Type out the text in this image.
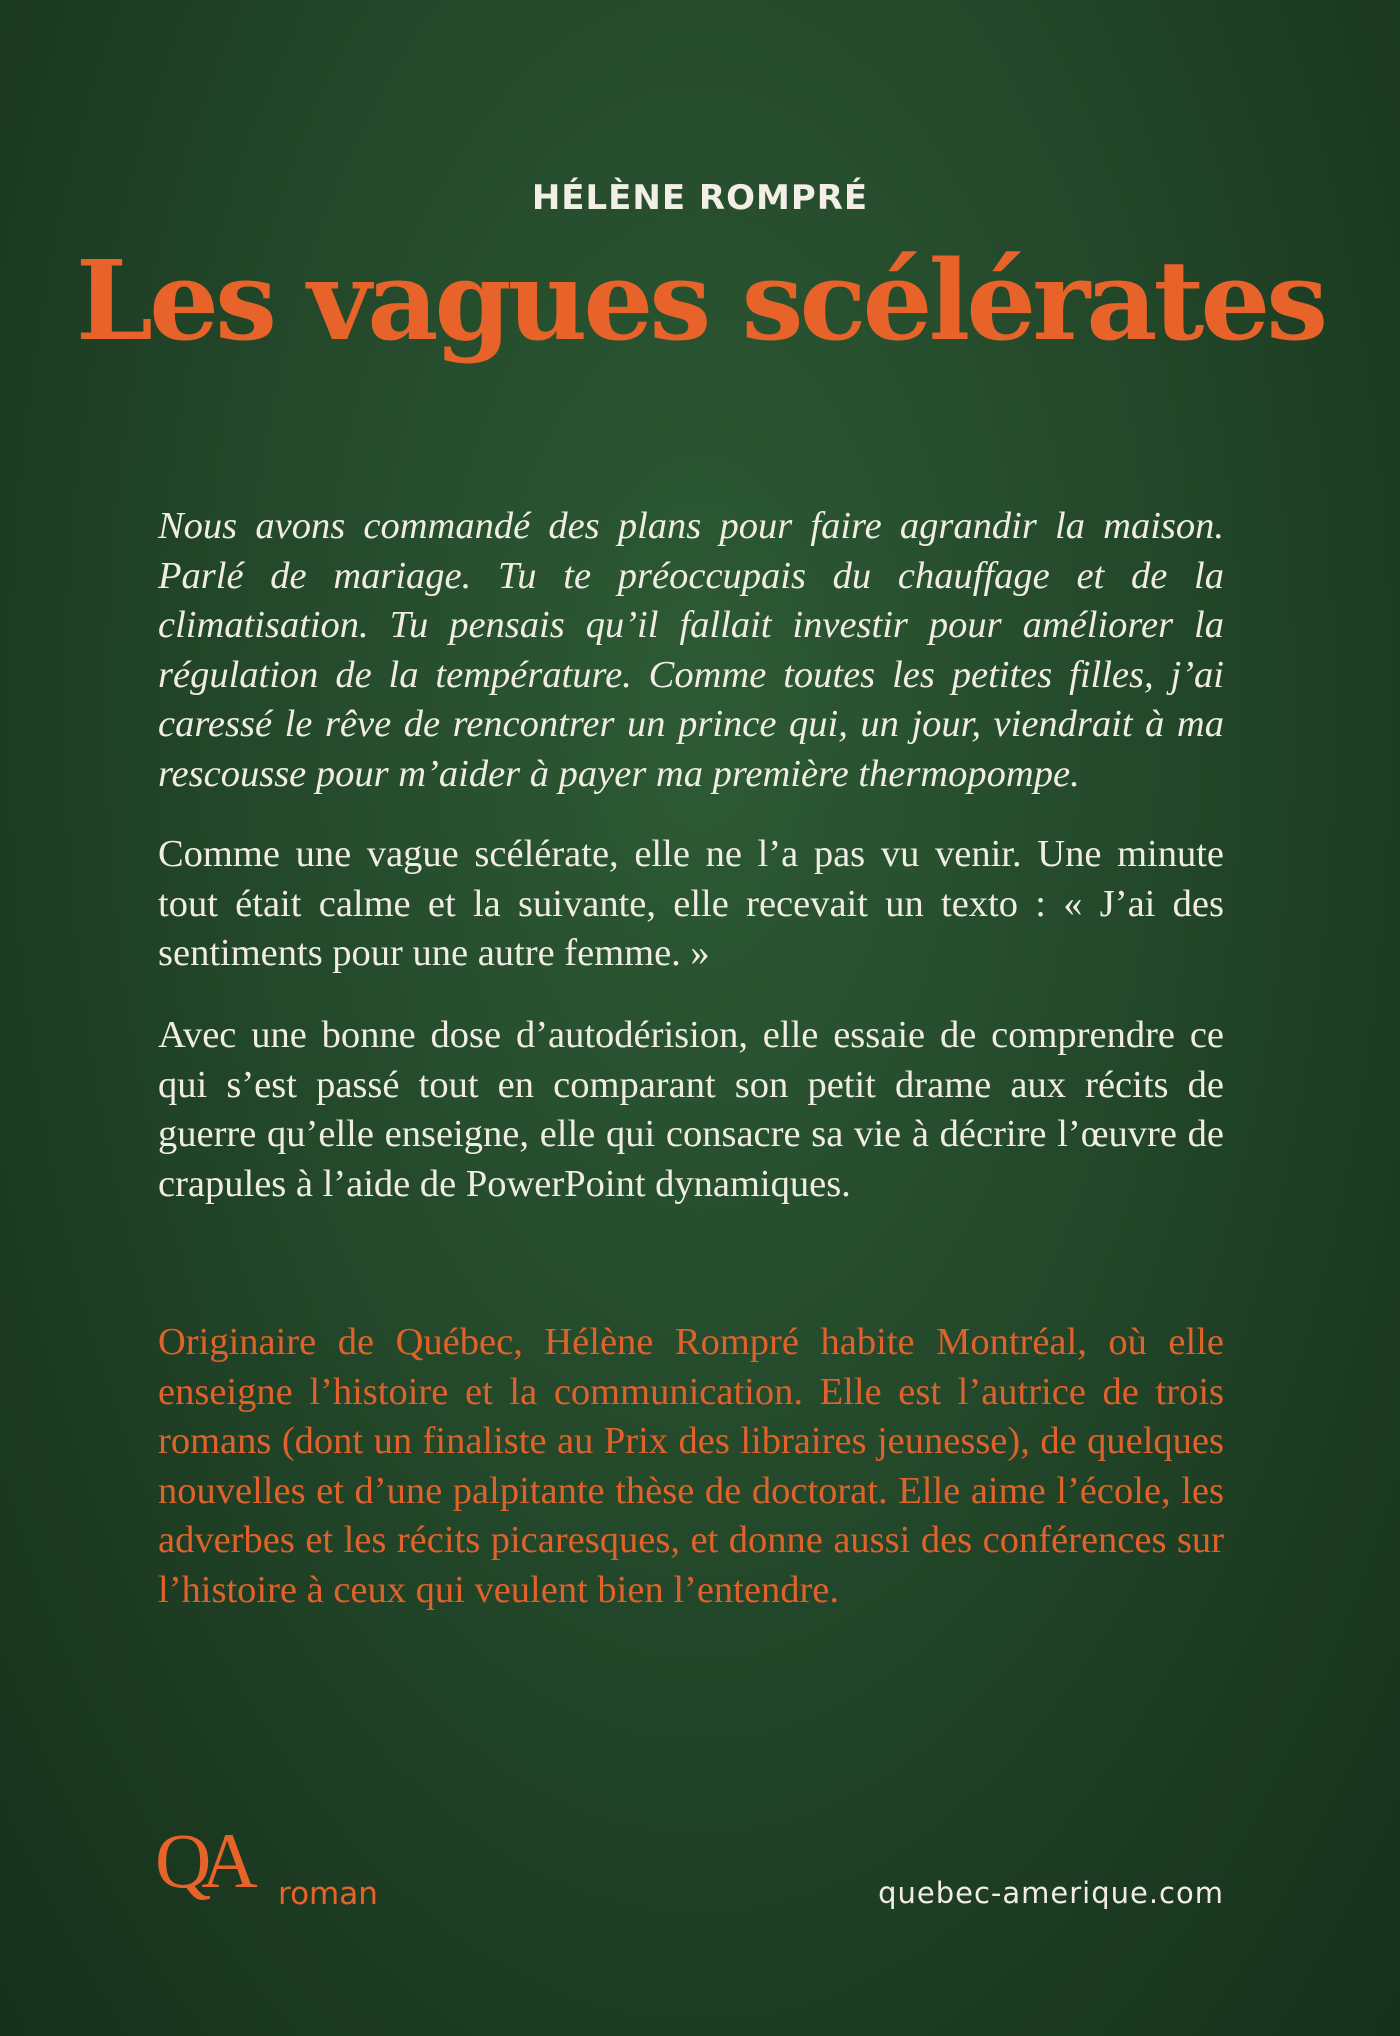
HÉLÈNE ROMPRÉ

Les vagues scélérates

Nous avons commandé des plans pour faire agrandir la maison. Parlé de mariage. Tu te préoccupais du chauffage et de la climatisation. Tu pensais qu’il fallait investir pour améliorer la régulation de la température. Comme toutes les petites filles, j’ai caressé le rêve de rencontrer un prince qui, un jour, viendrait à ma rescousse pour m’aider à payer ma première thermopompe.

Comme une vague scélérate, elle ne l’a pas vu venir. Une minute tout était calme et la suivante, elle recevait un texto : « J’ai des sentiments pour une autre femme. »

Avec une bonne dose d’autodérision, elle essaie de comprendre ce qui s’est passé tout en comparant son petit drame aux récits de guerre qu’elle enseigne, elle qui consacre sa vie à décrire l’œuvre de crapules à l’aide de PowerPoint dynamiques.

Originaire de Québec, Hélène Rompré habite Montréal, où elle enseigne l’histoire et la communication. Elle est l’autrice de trois romans (dont un finaliste au Prix des libraires jeunesse), de quelques nouvelles et d’une palpitante thèse de doctorat. Elle aime l’école, les adverbes et les récits picaresques, et donne aussi des conférences sur l’histoire à ceux qui veulent bien l’entendre.

QA roman	quebec-amerique.com
